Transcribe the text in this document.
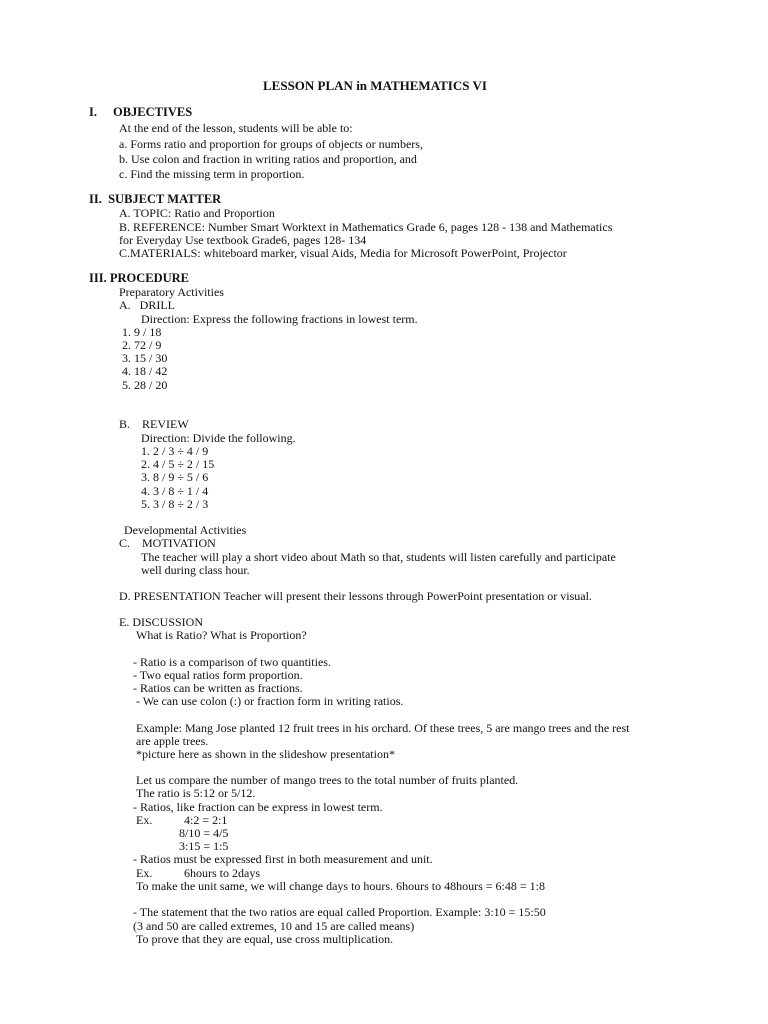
LESSON PLAN in MATHEMATICS VI
I. OBJECTIVES
At the end of the lesson, students will be able to:
a. Forms ratio and proportion for groups of objects or numbers,
b. Use colon and fraction in writing ratios and proportion, and
c. Find the missing term in proportion.
II.  SUBJECT MATTER
A. TOPIC: Ratio and Proportion
B. REFERENCE: Number Smart Worktext in Mathematics Grade 6, pages 128 - 138 and Mathematics
for Everyday Use textbook Grade6, pages 128- 134
C.MATERIALS: whiteboard marker, visual Aids, Media for Microsoft PowerPoint, Projector
III. PROCEDURE
Preparatory Activities
A.   DRILL
Direction: Express the following fractions in lowest term.
1. 9 / 18
2. 72 / 9
3. 15 / 30
4. 18 / 42
5. 28 / 20
B.    REVIEW
Direction: Divide the following.
1. 2 / 3 ÷ 4 / 9
2. 4 / 5 ÷ 2 / 15
3. 8 / 9 ÷ 5 / 6
4. 3 / 8 ÷ 1 / 4
5. 3 / 8 ÷ 2 / 3
Developmental Activities
C.    MOTIVATION
The teacher will play a short video about Math so that, students will listen carefully and participate
well during class hour.
D. PRESENTATION Teacher will present their lessons through PowerPoint presentation or visual.
E. DISCUSSION
What is Ratio? What is Proportion?
- Ratio is a comparison of two quantities.
- Two equal ratios form proportion.
- Ratios can be written as fractions.
- We can use colon (:) or fraction form in writing ratios.
Example: Mang Jose planted 12 fruit trees in his orchard. Of these trees, 5 are mango trees and the rest
are apple trees.
*picture here as shown in the slideshow presentation*
Let us compare the number of mango trees to the total number of fruits planted.
The ratio is 5:12 or 5/12.
- Ratios, like fraction can be express in lowest term.
Ex.	4:2 = 2:1
8/10 = 4/5
3:15 = 1:5
- Ratios must be expressed first in both measurement and unit.
Ex.	6hours to 2days
To make the unit same, we will change days to hours. 6hours to 48hours = 6:48 = 1:8
- The statement that the two ratios are equal called Proportion. Example: 3:10 = 15:50
(3 and 50 are called extremes, 10 and 15 are called means)
To prove that they are equal, use cross multiplication.
